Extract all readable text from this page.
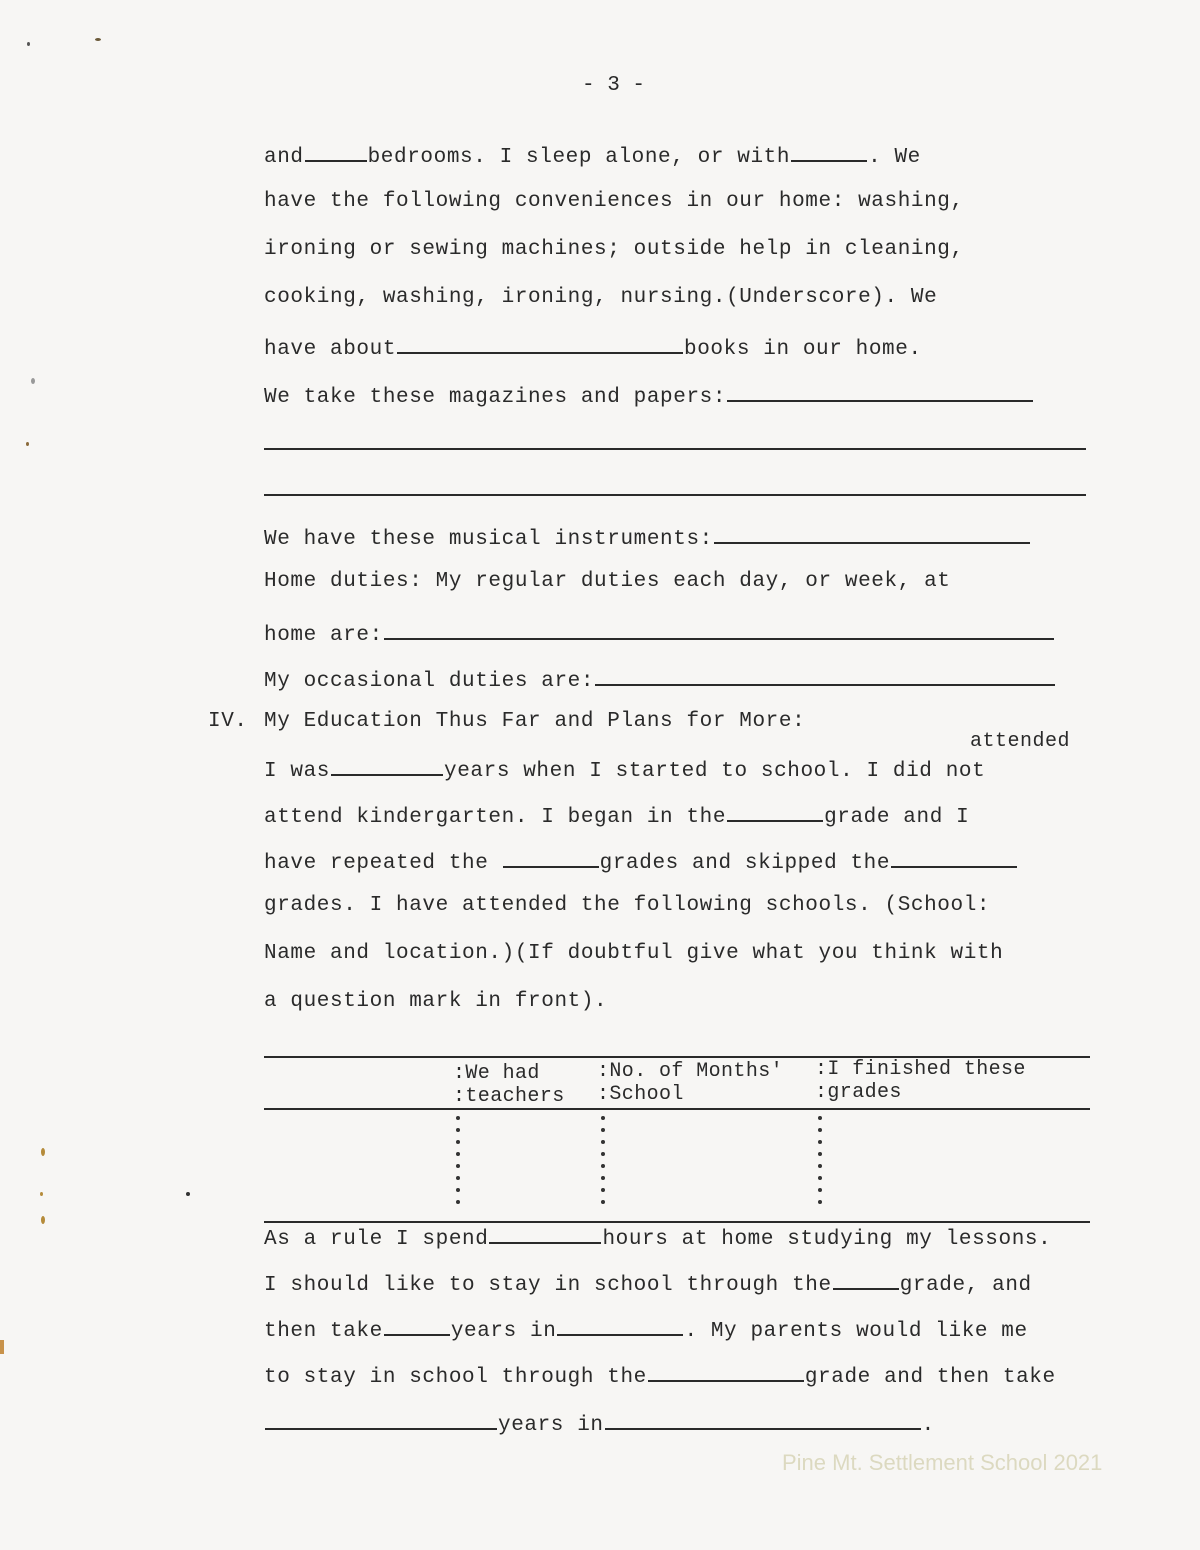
- 3 -
and	bedrooms. I sleep alone, or with	. We
have the following conveniences in our home: washing,
ironing or sewing machines; outside help in cleaning,
cooking, washing, ironing, nursing.(Underscore). We
have about	books in our home.
We take these magazines and papers:
We have these musical instruments:
Home duties: My regular duties each day, or week, at
home are:
My occasional duties are:
IV. My Education Thus Far and Plans for More:
attended
I was	years when I started to school. I did not
attend kindergarten. I began in the	grade and I
have repeated the	grades and skipped the
grades. I have attended the following schools. (School:
Name and location.)(If doubtful give what you think with
a question mark in front).
:We had
:teachers
:No. of Months'
:School
:I finished these
:grades
As a rule I spend	hours at home studying my lessons.
I should like to stay in school through the	grade, and
then take	years in	. My parents would like me
to stay in school through the	grade and then take
years in	.
Pine Mt. Settlement School 2021
